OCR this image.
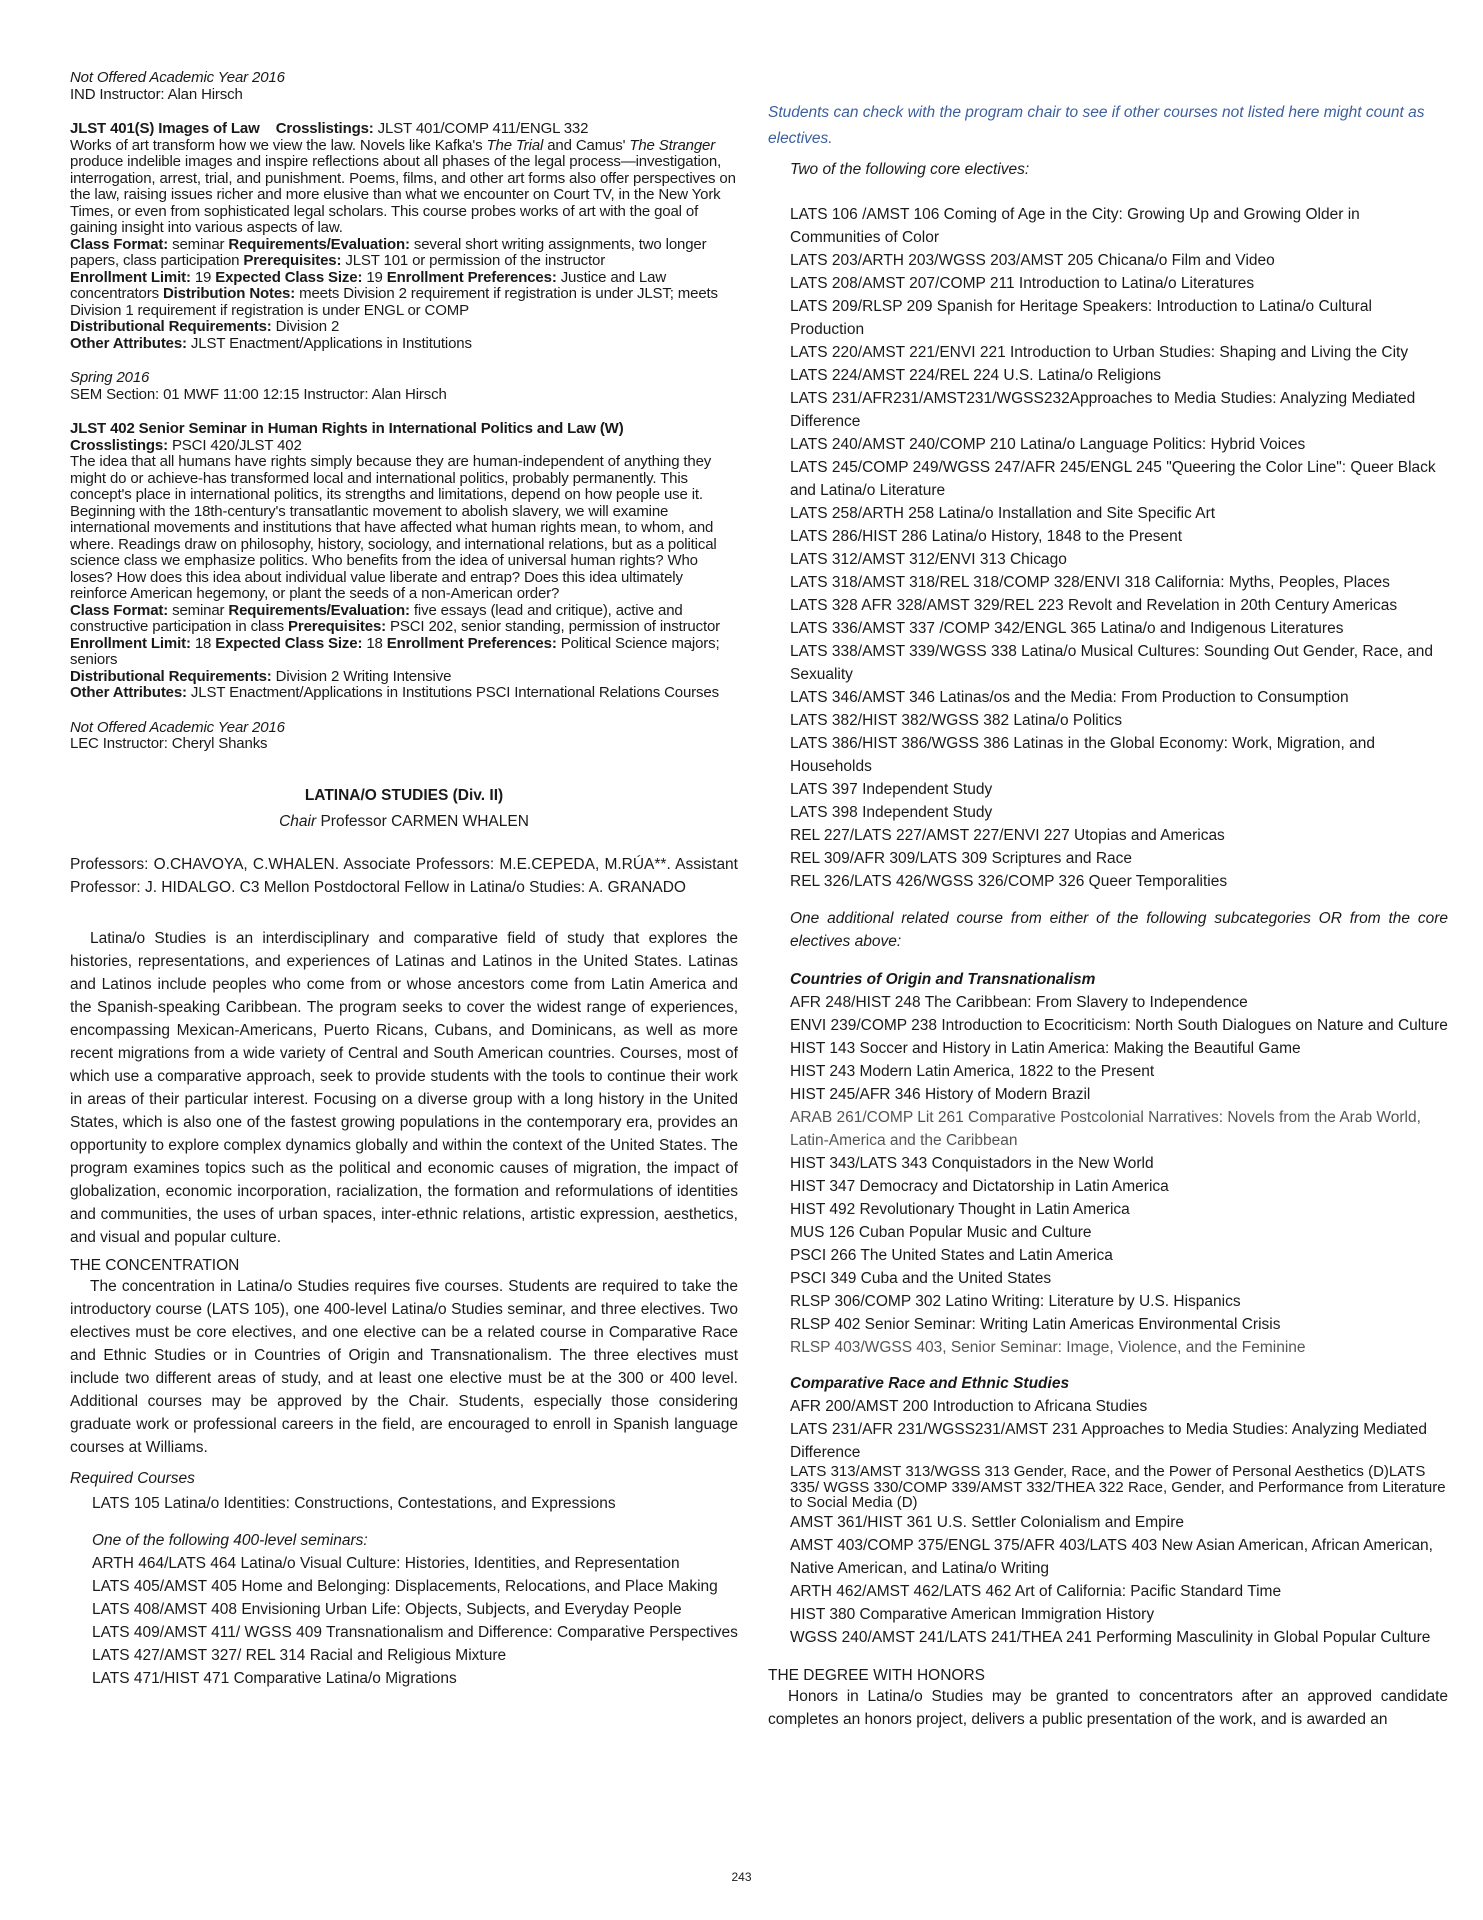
Not Offered Academic Year 2016

IND Instructor: Alan Hirsch

JLST 401(S) Images of Law Crosslistings: JLST 401/COMP 411/ENGL 332

Works of art transform how we view the law. Novels like Kafka's The Trial and Camus' The Stranger produce indelible images and inspire reflections about all phases of the legal process—investigation, interrogation, arrest, trial, and punishment. Poems, films, and other art forms also offer perspectives on the law, raising issues richer and more elusive than what we encounter on Court TV, in the New York Times, or even from sophisticated legal scholars. This course probes works of art with the goal of gaining insight into various aspects of law.

Class Format: seminar Requirements/Evaluation: several short writing assignments, two longer papers, class participation Prerequisites: JLST 101 or permission of the instructor
Enrollment Limit: 19 Expected Class Size: 19 Enrollment Preferences: Justice and Law concentrators Distribution Notes: meets Division 2 requirement if registration is under JLST; meets Division 1 requirement if registration is under ENGL or COMP

Distributional Requirements: Division 2

Other Attributes: JLST Enactment/Applications in Institutions

Spring 2016

SEM Section: 01 MWF 11:00 12:15 Instructor: Alan Hirsch

JLST 402 Senior Seminar in Human Rights in International Politics and Law (W)

Crosslistings: PSCI 420/JLST 402

The idea that all humans have rights simply because they are human-independent of anything they might do or achieve-has transformed local and international politics, probably permanently. This concept's place in international politics, its strengths and limitations, depend on how people use it. Beginning with the 18th-century's transatlantic movement to abolish slavery, we will examine international movements and institutions that have affected what human rights mean, to whom, and where. Readings draw on philosophy, history, sociology, and international relations, but as a political science class we emphasize politics. Who benefits from the idea of universal human rights? Who loses? How does this idea about individual value liberate and entrap? Does this idea ultimately reinforce American hegemony, or plant the seeds of a non-American order?

Class Format: seminar Requirements/Evaluation: five essays (lead and critique), active and constructive participation in class Prerequisites: PSCI 202, senior standing, permission of instructor Enrollment Limit: 18 Expected Class Size: 18 Enrollment Preferences: Political Science majors; seniors

Distributional Requirements: Division 2 Writing Intensive

Other Attributes: JLST Enactment/Applications in Institutions PSCI International Relations Courses

Not Offered Academic Year 2016

LEC Instructor: Cheryl Shanks

LATINA/O STUDIES (Div. II)
Chair Professor CARMEN WHALEN

Professors: O.CHAVOYA, C.WHALEN. Associate Professors: M.E.CEPEDA, M.RÚA**. Assistant Professor: J. HIDALGO. C3 Mellon Postdoctoral Fellow in Latina/o Studies: A. GRANADO

Latina/o Studies is an interdisciplinary and comparative field of study that explores the histories, representations, and experiences of Latinas and Latinos in the United States. Latinas and Latinos include peoples who come from or whose ancestors come from Latin America and the Spanish-speaking Caribbean. The program seeks to cover the widest range of experiences, encompassing Mexican-Americans, Puerto Ricans, Cubans, and Dominicans, as well as more recent migrations from a wide variety of Central and South American countries. Courses, most of which use a comparative approach, seek to provide students with the tools to continue their work in areas of their particular interest. Focusing on a diverse group with a long history in the United States, which is also one of the fastest growing populations in the contemporary era, provides an opportunity to explore complex dynamics globally and within the context of the United States. The program examines topics such as the political and economic causes of migration, the impact of globalization, economic incorporation, racialization, the formation and reformulations of identities and communities, the uses of urban spaces, inter-ethnic relations, artistic expression, aesthetics, and visual and popular culture.

THE CONCENTRATION

The concentration in Latina/o Studies requires five courses. Students are required to take the introductory course (LATS 105), one 400-level Latina/o Studies seminar, and three electives. Two electives must be core electives, and one elective can be a related course in Comparative Race and Ethnic Studies or in Countries of Origin and Transnationalism. The three electives must include two different areas of study, and at least one elective must be at the 300 or 400 level. Additional courses may be approved by the Chair. Students, especially those considering graduate work or professional careers in the field, are encouraged to enroll in Spanish language courses at Williams.

Required Courses

LATS 105 Latina/o Identities: Constructions, Contestations, and Expressions

One of the following 400-level seminars:

ARTH 464/LATS 464 Latina/o Visual Culture: Histories, Identities, and Representation
LATS 405/AMST 405 Home and Belonging: Displacements, Relocations, and Place Making
LATS 408/AMST 408 Envisioning Urban Life: Objects, Subjects, and Everyday People
LATS 409/AMST 411/ WGSS 409 Transnationalism and Difference: Comparative Perspectives
LATS 427/AMST 327/ REL 314 Racial and Religious Mixture
LATS 471/HIST 471 Comparative Latina/o Migrations

Students can check with the program chair to see if other courses not listed here might count as electives.

Two of the following core electives:

LATS 106 /AMST 106 Coming of Age in the City: Growing Up and Growing Older in Communities of Color
LATS 203/ARTH 203/WGSS 203/AMST 205 Chicana/o Film and Video
LATS 208/AMST 207/COMP 211 Introduction to Latina/o Literatures
LATS 209/RLSP 209 Spanish for Heritage Speakers: Introduction to Latina/o Cultural Production
LATS 220/AMST 221/ENVI 221 Introduction to Urban Studies: Shaping and Living the City
LATS 224/AMST 224/REL 224 U.S. Latina/o Religions
LATS 231/AFR231/AMST231/WGSS232Approaches to Media Studies: Analyzing Mediated Difference
LATS 240/AMST 240/COMP 210 Latina/o Language Politics: Hybrid Voices
LATS 245/COMP 249/WGSS 247/AFR 245/ENGL 245 "Queering the Color Line": Queer Black and Latina/o Literature
LATS 258/ARTH 258 Latina/o Installation and Site Specific Art
LATS 286/HIST 286 Latina/o History, 1848 to the Present
LATS 312/AMST 312/ENVI 313 Chicago
LATS 318/AMST 318/REL 318/COMP 328/ENVI 318 California: Myths, Peoples, Places
LATS 328 AFR 328/AMST 329/REL 223 Revolt and Revelation in 20th Century Americas
LATS 336/AMST 337 /COMP 342/ENGL 365 Latina/o and Indigenous Literatures
LATS 338/AMST 339/WGSS 338 Latina/o Musical Cultures: Sounding Out Gender, Race, and Sexuality
LATS 346/AMST 346 Latinas/os and the Media: From Production to Consumption
LATS 382/HIST 382/WGSS 382 Latina/o Politics
LATS 386/HIST 386/WGSS 386 Latinas in the Global Economy: Work, Migration, and Households
LATS 397 Independent Study
LATS 398 Independent Study
REL 227/LATS 227/AMST 227/ENVI 227 Utopias and Americas
REL 309/AFR 309/LATS 309 Scriptures and Race
REL 326/LATS 426/WGSS 326/COMP 326 Queer Temporalities

One additional related course from either of the following subcategories OR from the core electives above:

Countries of Origin and Transnationalism

AFR 248/HIST 248 The Caribbean: From Slavery to Independence
ENVI 239/COMP 238 Introduction to Ecocriticism: North South Dialogues on Nature and Culture
HIST 143 Soccer and History in Latin America: Making the Beautiful Game
HIST 243 Modern Latin America, 1822 to the Present
HIST 245/AFR 346 History of Modern Brazil
ARAB 261/COMP Lit 261 Comparative Postcolonial Narratives: Novels from the Arab World, Latin-America and the Caribbean
HIST 343/LATS 343 Conquistadors in the New World
HIST 347 Democracy and Dictatorship in Latin America
HIST 492 Revolutionary Thought in Latin America
MUS 126 Cuban Popular Music and Culture
PSCI 266 The United States and Latin America
PSCI 349 Cuba and the United States
RLSP 306/COMP 302 Latino Writing: Literature by U.S. Hispanics
RLSP 402 Senior Seminar: Writing Latin Americas Environmental Crisis
RLSP 403/WGSS 403, Senior Seminar: Image, Violence, and the Feminine

Comparative Race and Ethnic Studies

AFR 200/AMST 200 Introduction to Africana Studies
LATS 231/AFR 231/WGSS231/AMST 231 Approaches to Media Studies: Analyzing Mediated Difference
LATS 313/AMST 313/WGSS 313 Gender, Race, and the Power of Personal Aesthetics (D)LATS 335/ WGSS 330/COMP 339/AMST 332/THEA 322 Race, Gender, and Performance from Literature to Social Media (D)
AMST 361/HIST 361 U.S. Settler Colonialism and Empire
AMST 403/COMP 375/ENGL 375/AFR 403/LATS 403 New Asian American, African American, Native American, and Latina/o Writing
ARTH 462/AMST 462/LATS 462 Art of California: Pacific Standard Time
HIST 380 Comparative American Immigration History
WGSS 240/AMST 241/LATS 241/THEA 241 Performing Masculinity in Global Popular Culture

THE DEGREE WITH HONORS

Honors in Latina/o Studies may be granted to concentrators after an approved candidate completes an honors project, delivers a public presentation of the work, and is awarded an

243
